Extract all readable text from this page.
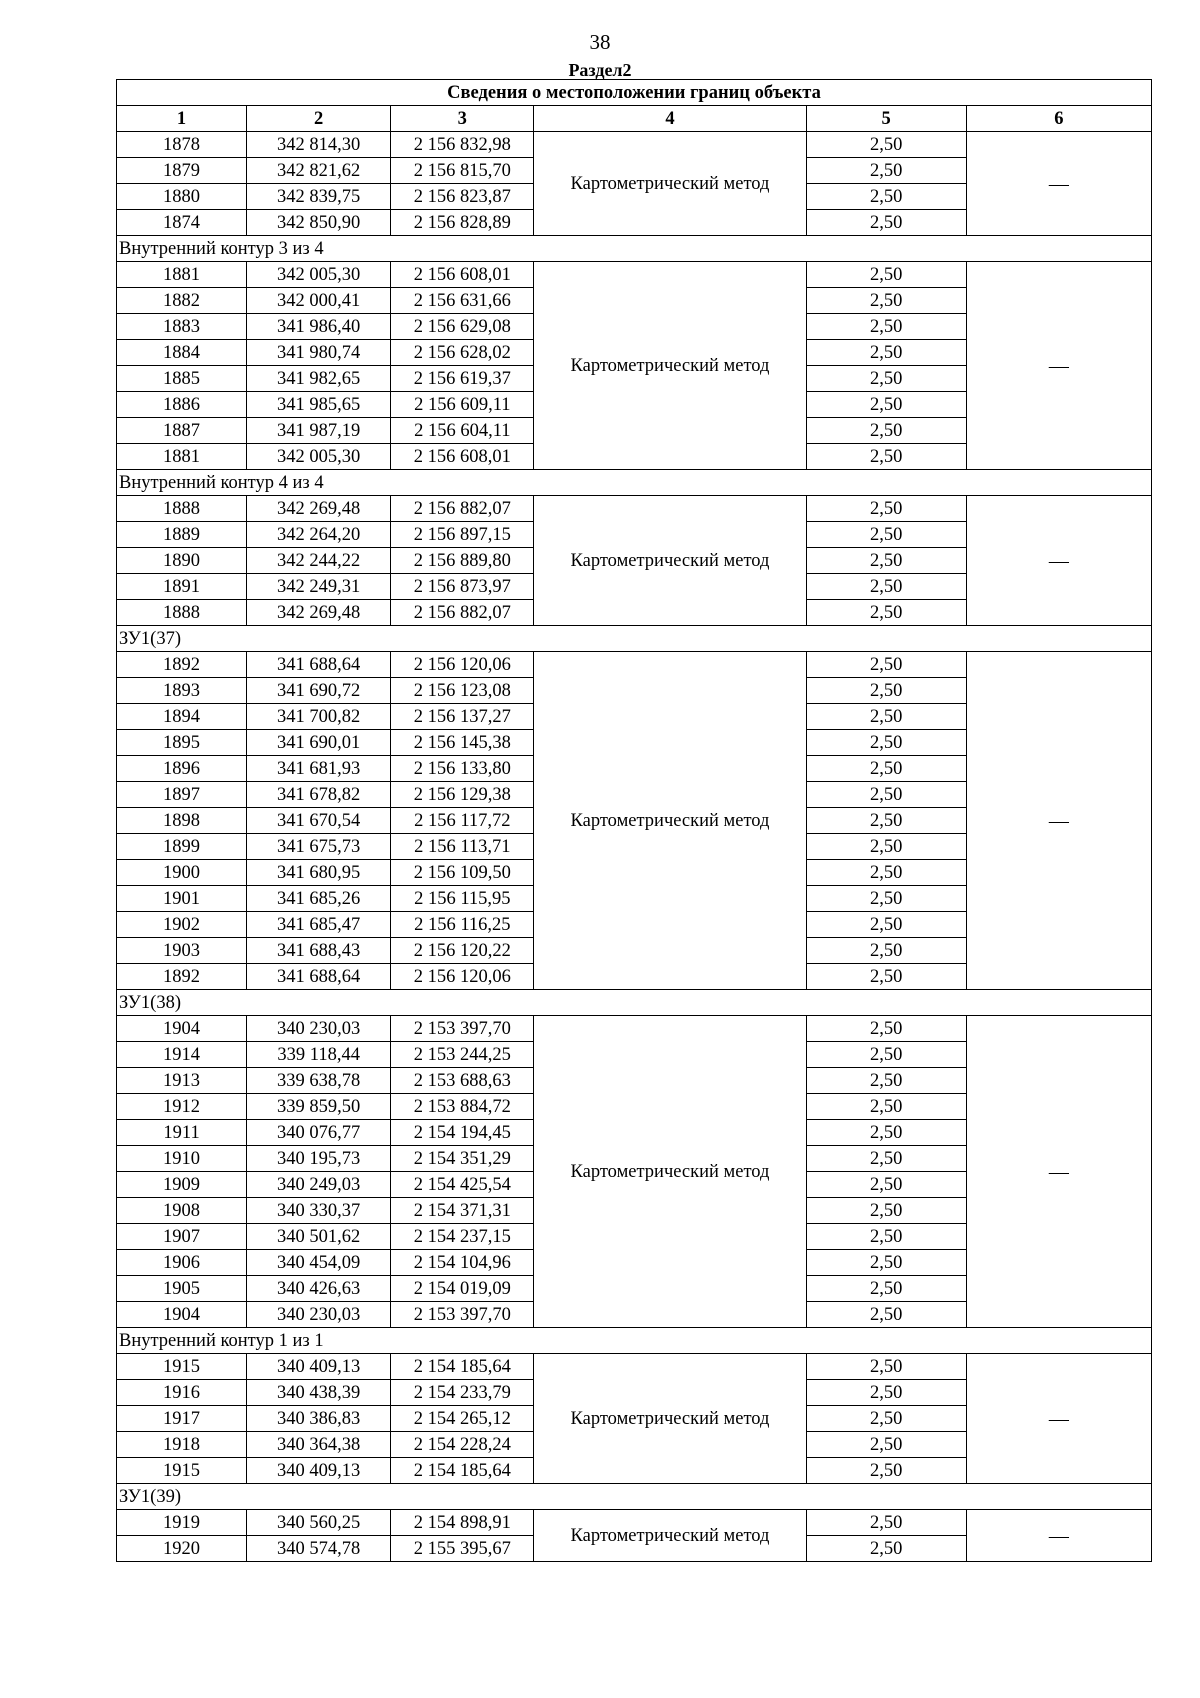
38
Раздел2
Сведения о местоположении границ объекта					
1	2	3	4	5	6
1878	342 814,30	2 156 832,98	Картометрический метод	2,50	—
1879	342 821,62	2 156 815,70		2,50	
1880	342 839,75	2 156 823,87		2,50	
1874	342 850,90	2 156 828,89		2,50	
Внутренний контур 3 из 4					
1881	342 005,30	2 156 608,01	Картометрический метод	2,50	—
1882	342 000,41	2 156 631,66		2,50	
1883	341 986,40	2 156 629,08		2,50	
1884	341 980,74	2 156 628,02		2,50	
1885	341 982,65	2 156 619,37		2,50	
1886	341 985,65	2 156 609,11		2,50	
1887	341 987,19	2 156 604,11		2,50	
1881	342 005,30	2 156 608,01		2,50	
Внутренний контур 4 из 4					
1888	342 269,48	2 156 882,07	Картометрический метод	2,50	—
1889	342 264,20	2 156 897,15		2,50	
1890	342 244,22	2 156 889,80		2,50	
1891	342 249,31	2 156 873,97		2,50	
1888	342 269,48	2 156 882,07		2,50	
ЗУ1(37)					
1892	341 688,64	2 156 120,06	Картометрический метод	2,50	—
1893	341 690,72	2 156 123,08		2,50	
1894	341 700,82	2 156 137,27		2,50	
1895	341 690,01	2 156 145,38		2,50	
1896	341 681,93	2 156 133,80		2,50	
1897	341 678,82	2 156 129,38		2,50	
1898	341 670,54	2 156 117,72		2,50	
1899	341 675,73	2 156 113,71		2,50	
1900	341 680,95	2 156 109,50		2,50	
1901	341 685,26	2 156 115,95		2,50	
1902	341 685,47	2 156 116,25		2,50	
1903	341 688,43	2 156 120,22		2,50	
1892	341 688,64	2 156 120,06		2,50	
ЗУ1(38)					
1904	340 230,03	2 153 397,70	Картометрический метод	2,50	—
1914	339 118,44	2 153 244,25		2,50	
1913	339 638,78	2 153 688,63		2,50	
1912	339 859,50	2 153 884,72		2,50	
1911	340 076,77	2 154 194,45		2,50	
1910	340 195,73	2 154 351,29		2,50	
1909	340 249,03	2 154 425,54		2,50	
1908	340 330,37	2 154 371,31		2,50	
1907	340 501,62	2 154 237,15		2,50	
1906	340 454,09	2 154 104,96		2,50	
1905	340 426,63	2 154 019,09		2,50	
1904	340 230,03	2 153 397,70		2,50	
Внутренний контур 1 из 1					
1915	340 409,13	2 154 185,64	Картометрический метод	2,50	—
1916	340 438,39	2 154 233,79		2,50	
1917	340 386,83	2 154 265,12		2,50	
1918	340 364,38	2 154 228,24		2,50	
1915	340 409,13	2 154 185,64		2,50	
ЗУ1(39)					
1919	340 560,25	2 154 898,91	Картометрический метод	2,50	—
1920	340 574,78	2 155 395,67		2,50	
